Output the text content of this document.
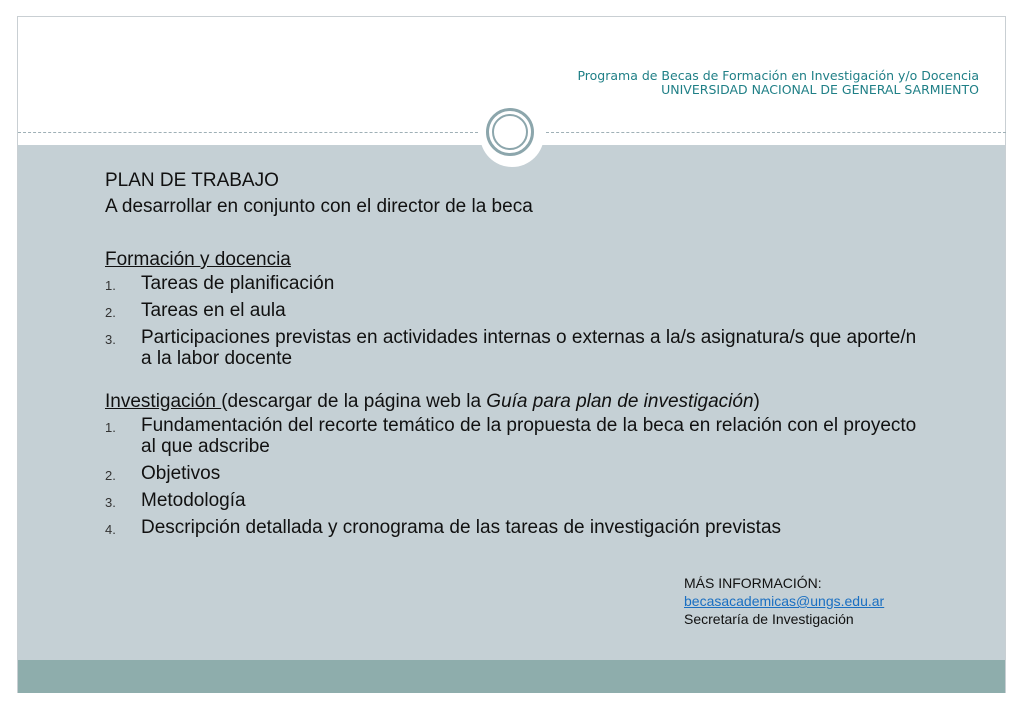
Programa de Becas de Formación en Investigación y/o Docencia
UNIVERSIDAD NACIONAL DE GENERAL SARMIENTO

PLAN DE TRABAJO

A desarrollar en conjunto con el director de la beca

Formación y docencia

1. Tareas de planificación
2. Tareas en el aula
3. Participaciones previstas en actividades internas o externas a la/s asignatura/s que aporte/n a la labor docente

Investigación (descargar de la página web la Guía para plan de investigación)

1. Fundamentación del recorte temático de la propuesta de la beca en relación con el proyecto al que adscribe
2. Objetivos
3. Metodología
4. Descripción detallada y cronograma de las tareas de investigación previstas
MÁS INFORMACIÓN:
becasacademicas@ungs.edu.ar
Secretaría de Investigación
